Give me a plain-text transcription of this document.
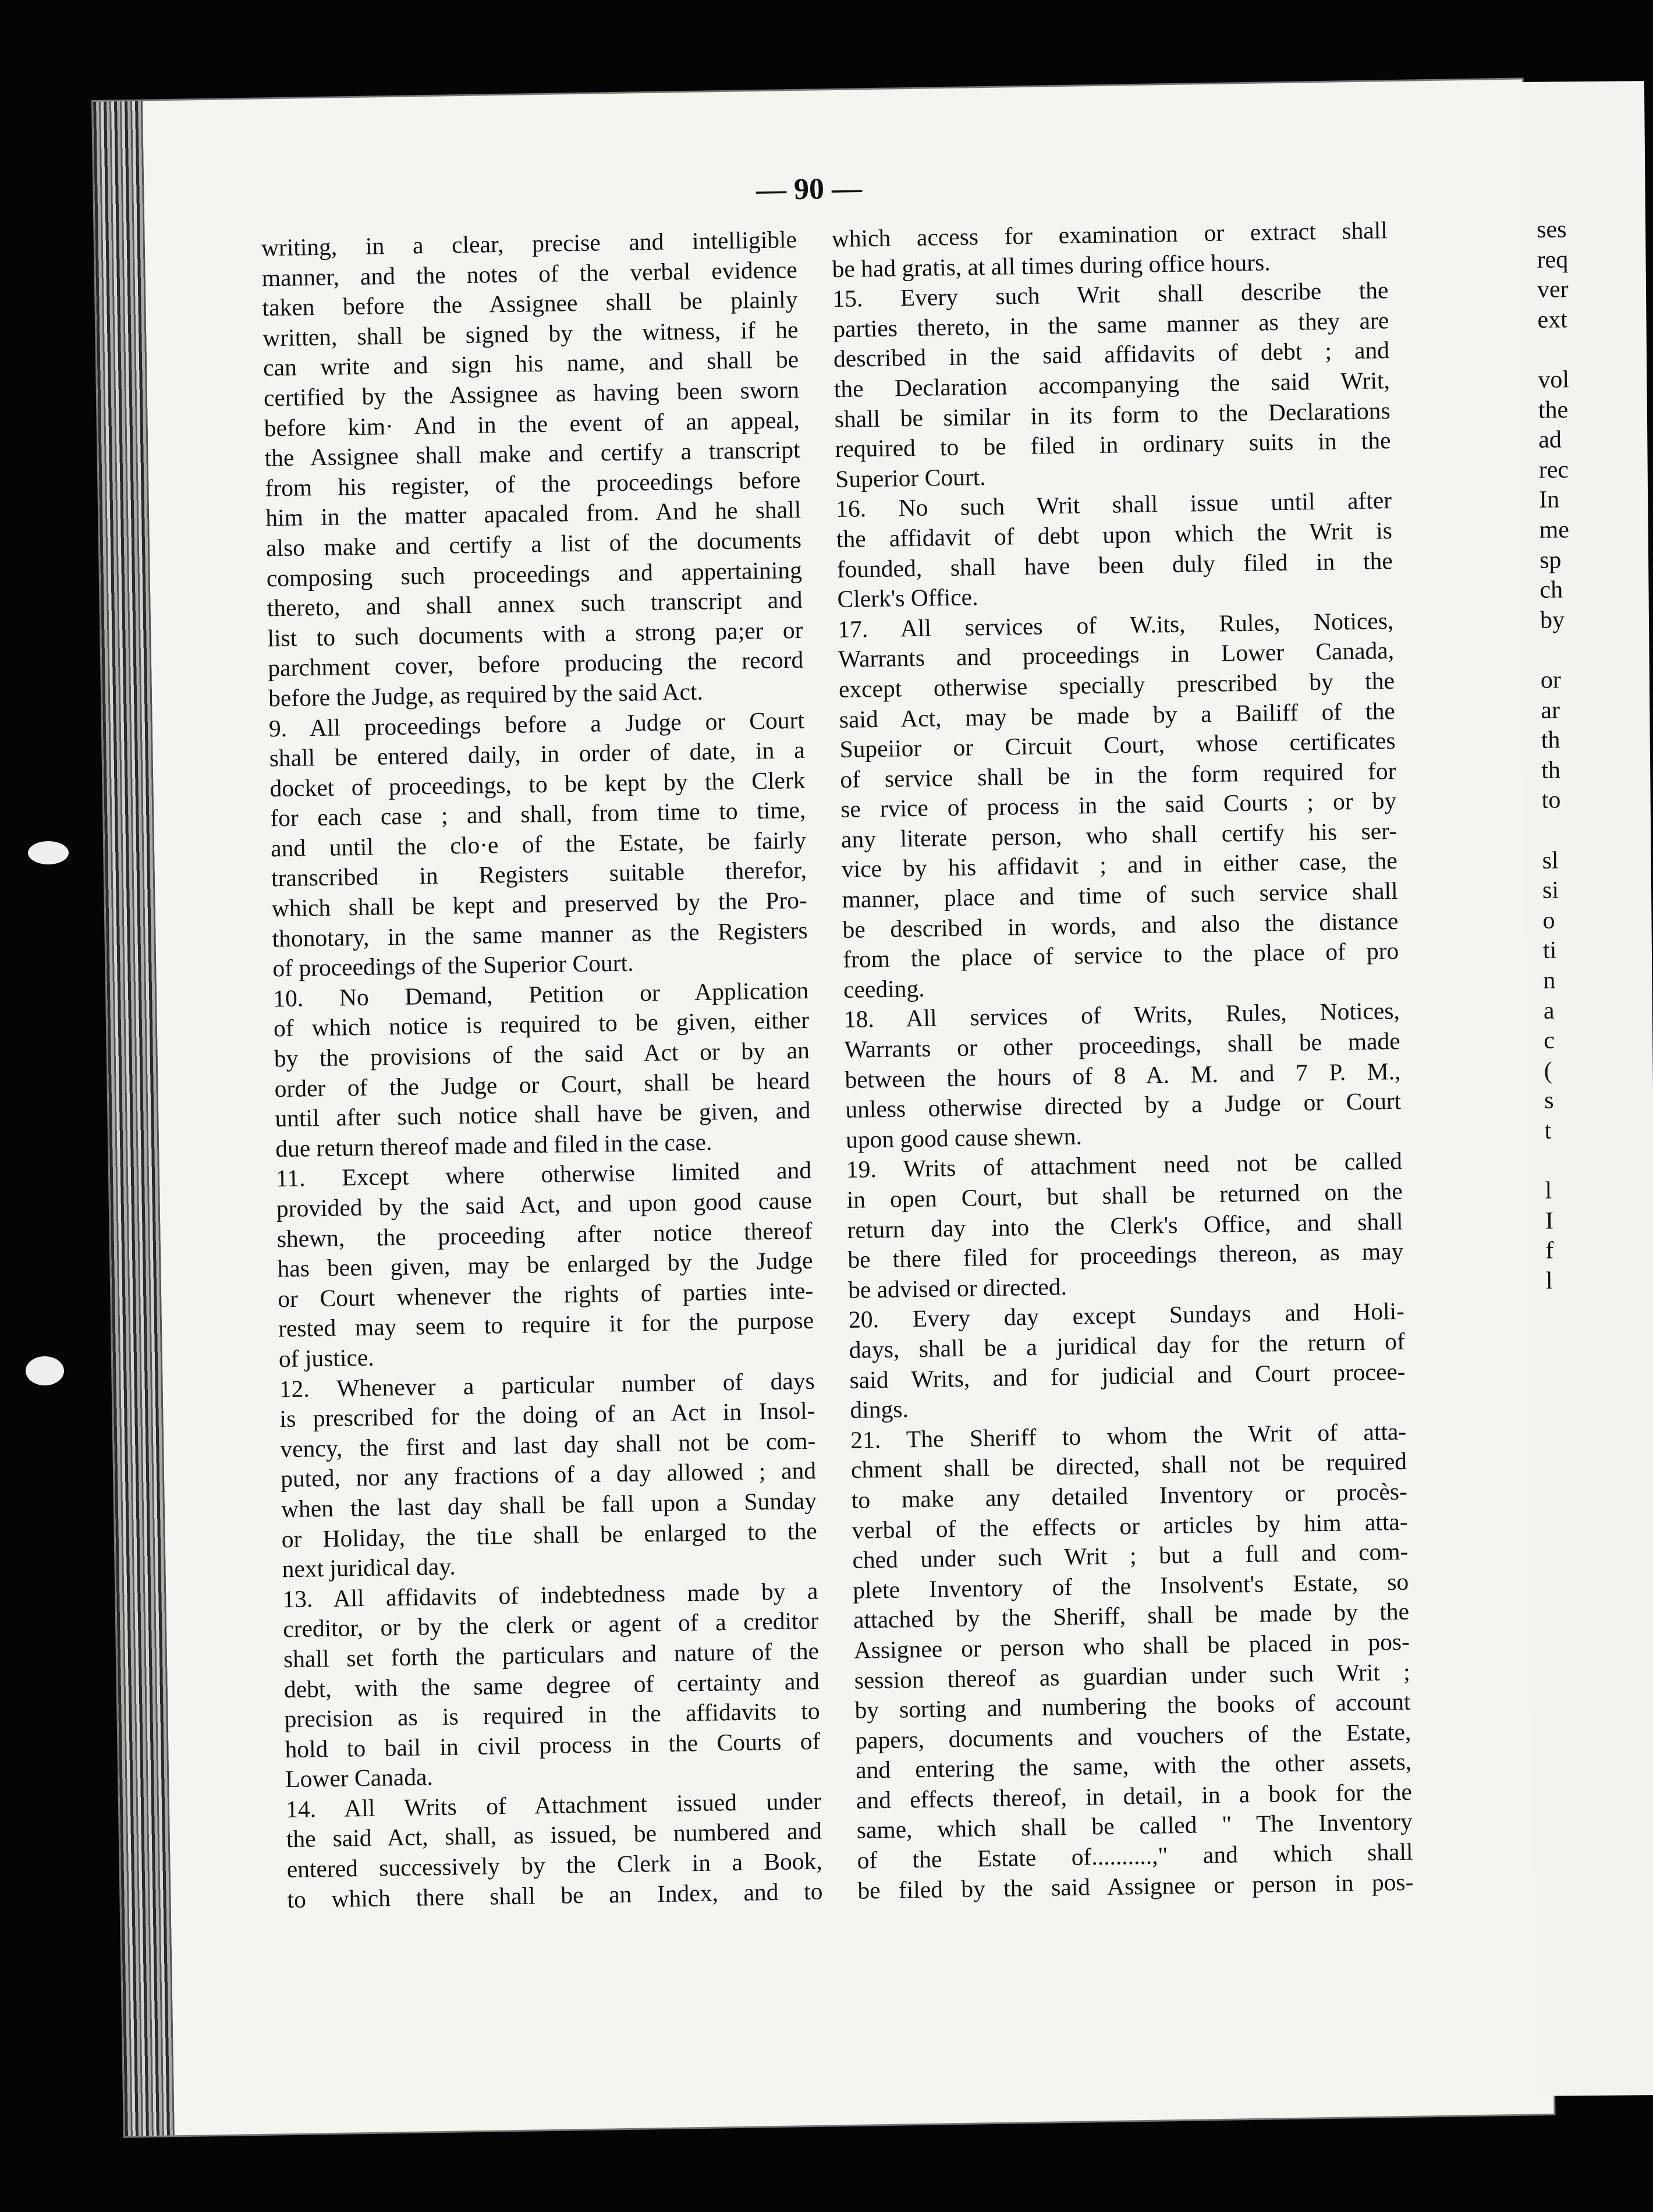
— 90 —

writing, in a clear, precise and intelligible

manner, and the notes of the verbal evidence

taken before the Assignee shall be plainly

written, shall be signed by the witness, if he

can write and sign his name, and shall be

certified by the Assignee as having been sworn

before kim· And in the event of an appeal,

the Assignee shall make and certify a transcript

from his register, of the proceedings before

him in the matter apacaled from. And he shall

also make and certify a list of the documents

composing such proceedings and appertaining

thereto, and shall annex such transcript and

list to such documents with a strong pa;er or

parchment cover, before producing the record

before the Judge, as required by the said Act.

9. All proceedings before a Judge or Court

shall be entered daily, in order of date, in a

docket of proceedings, to be kept by the Clerk

for each case ; and shall, from time to time,

and until the clo·e of the Estate, be fairly

transcribed in Registers suitable therefor,

which shall be kept and preserved by the Pro-

thonotary, in the same manner as the Registers

of proceedings of the Superior Court.

10. No Demand, Petition or Application

of which notice is required to be given, either

by the provisions of the said Act or by an

order of the Judge or Court, shall be heard

until after such notice shall have be given, and

due return thereof made and filed in the case.

11. Except where otherwise limited and

provided by the said Act, and upon good cause

shewn, the proceeding after notice thereof

has been given, may be enlarged by the Judge

or Court whenever the rights of parties inte-

rested may seem to require it for the purpose

of justice.

12. Whenever a particular number of days

is prescribed for the doing of an Act in Insol-

vency, the first and last day shall not be com-

puted, nor any fractions of a day allowed ; and

when the last day shall be fall upon a Sunday

or Holiday, the tiւe shall be enlarged to the

next juridical day.

13. All affidavits of indebtedness made by a

creditor, or by the clerk or agent of a creditor

shall set forth the particulars and nature of the

debt, with the same degree of certainty and

precision as is required in the affidavits to

hold to bail in civil process in the Courts of

Lower Canada.

14. All Writs of Attachment issued under

the said Act, shall, as issued, be numbered and

entered successively by the Clerk in a Book,

to which there shall be an Index, and to

which access for examination or extract shall

be had gratis, at all times during office hours.

15. Every such Writ shall describe the

parties thereto, in the same manner as they are

described in the said affidavits of debt ; and

the Declaration accompanying the said Writ,

shall be similar in its form to the Declarations

required to be filed in ordinary suits in the

Superior Court.

16. No such Writ shall issue until after

the affidavit of debt upon which the Writ is

founded, shall have been duly filed in the

Clerk's Office.

17. All services of W.its, Rules, Notices,

Warrants and proceedings in Lower Canada,

except otherwise specially prescribed by the

said Act, may be made by a Bailiff of the

Supeiior or Circuit Court, whose certificates

of service shall be in the form required for

se rvice of process in the said Courts ; or by

any literate person, who shall certify his ser-

vice by his affidavit ; and in either case, the

manner, place and time of such service shall

be described in words, and also the distance

from the place of service to the place of pro

ceeding.

18. All services of Writs, Rules, Notices,

Warrants or other proceedings, shall be made

between the hours of 8 A. M. and 7 P. M.,

unless otherwise directed by a Judge or Court

upon good cause shewn.

19. Writs of attachment need not be called

in open Court, but shall be returned on the

return day into the Clerk's Office, and shall

be there filed for proceedings thereon, as may

be advised or directed.

20. Every day except Sundays and Holi-

days, shall be a juridical day for the return of

said Writs, and for judicial and Court procee-

dings.

21. The Sheriff to whom the Writ of atta-

chment shall be directed, shall not be required

to make any detailed Inventory or procès-

verbal of the effects or articles by him atta-

ched under such Writ ; but a full and com-

plete Inventory of the Insolvent's Estate, so

attached by the Sheriff, shall be made by the

Assignee or person who shall be placed in pos-

session thereof as guardian under such Writ ;

by sorting and numbering the books of account

papers, documents and vouchers of the Estate,

and entering the same, with the other assets,

and effects thereof, in detail, in a book for the

same, which shall be called " The Inventory

of the Estate of..........," and which shall

be filed by the said Assignee or person in pos-

ses
req
ver
ext
vol
the
ad
rec
In
me
sp
ch
by
or
ar
th
th
to
sl
si
o
ti
n
a
c
(
s
t
l
I
f
l
